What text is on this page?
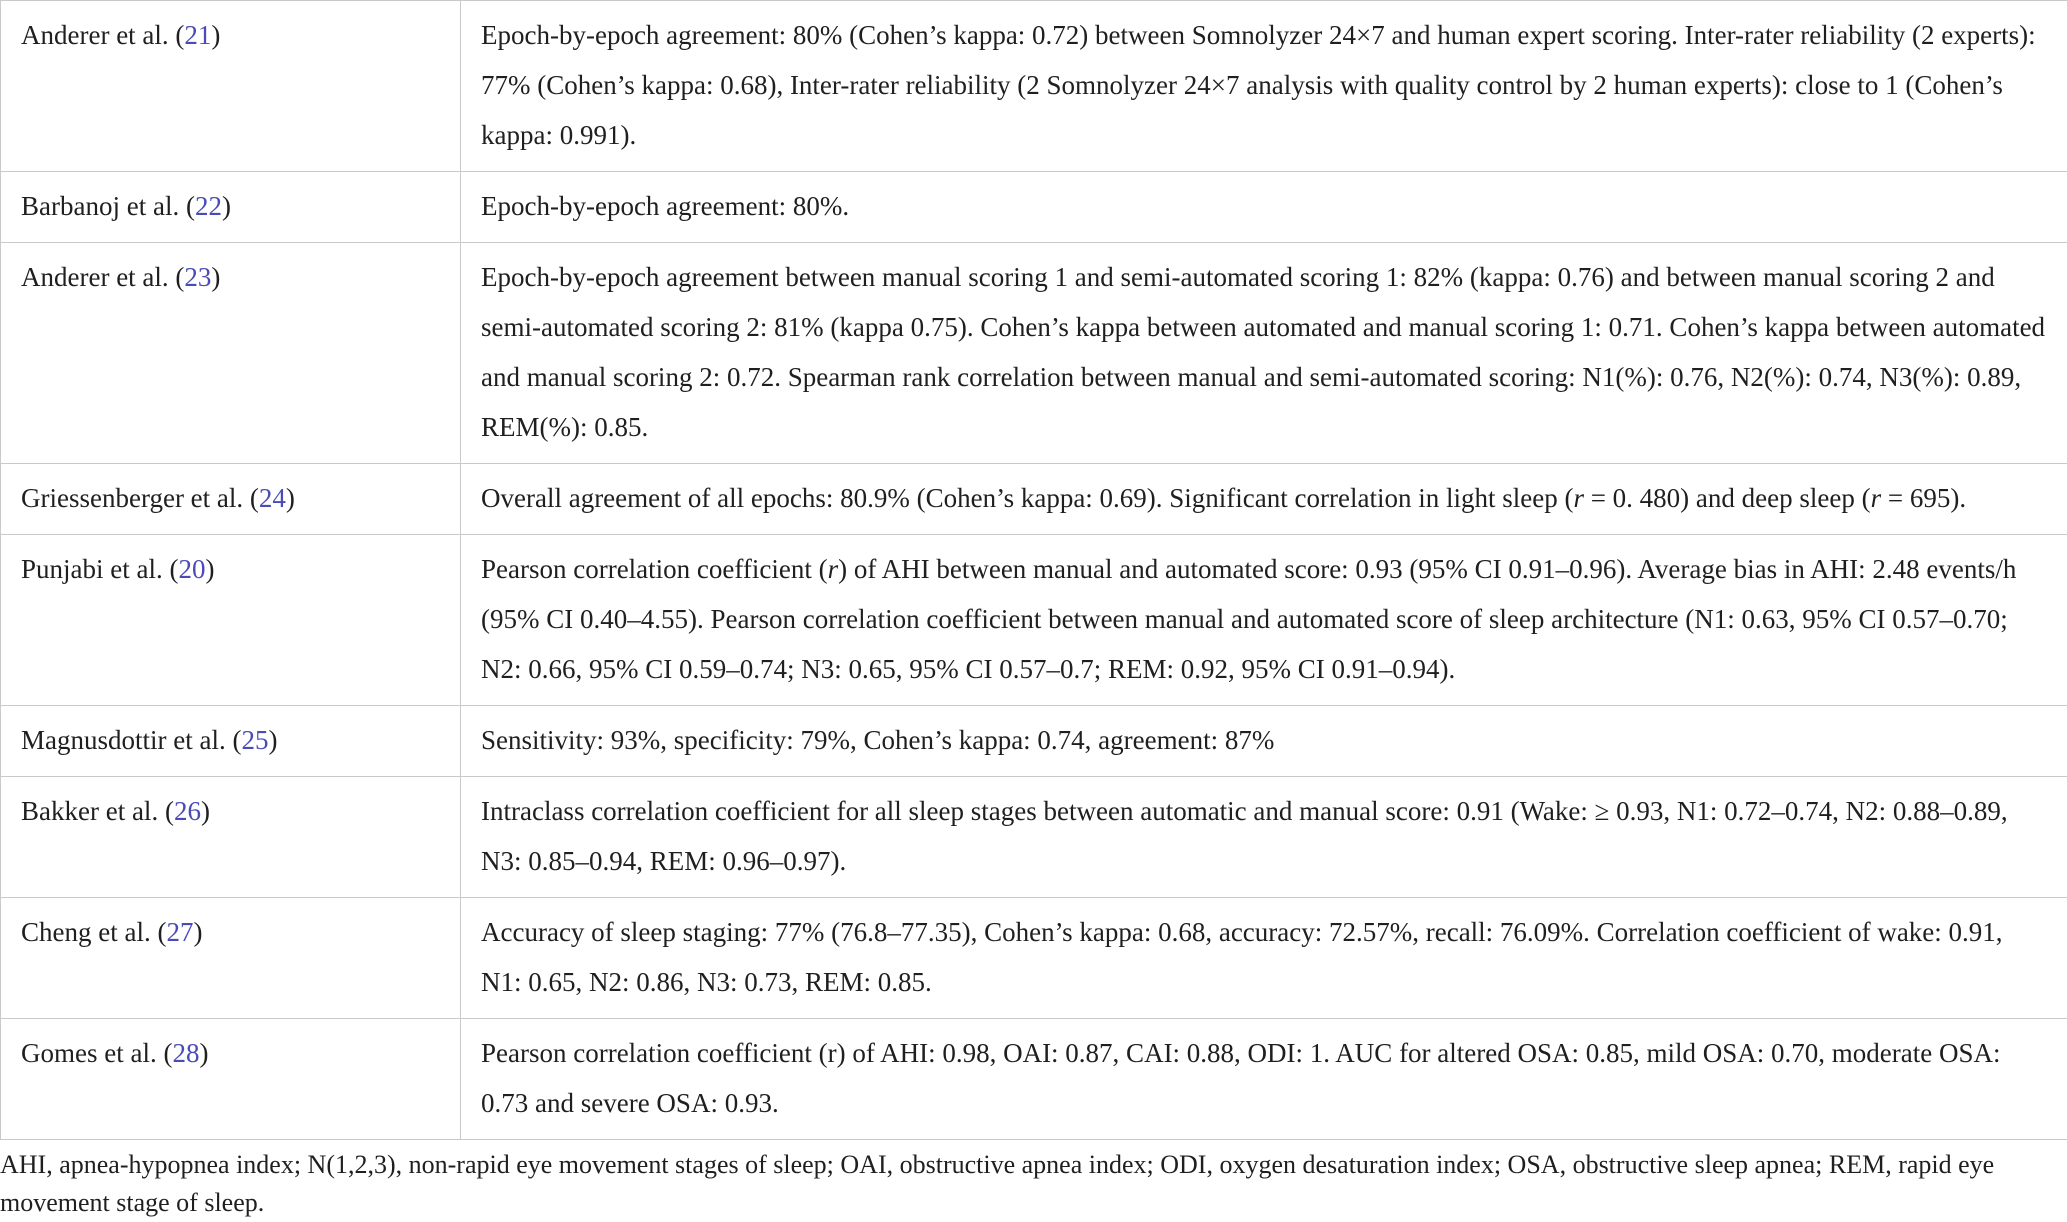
Anderer et al. (21)	Epoch-by-epoch agreement: 80% (Cohen’s kappa: 0.72) between Somnolyzer 24×7 and human expert scoring. Inter-rater reliability (2 experts): 77% (Cohen’s kappa: 0.68), Inter-rater reliability (2 Somnolyzer 24×7 analysis with quality control by 2 human experts): close to 1 (Cohen’s kappa: 0.991).
Barbanoj et al. (22)	Epoch-by-epoch agreement: 80%.
Anderer et al. (23)	Epoch-by-epoch agreement between manual scoring 1 and semi-automated scoring 1: 82% (kappa: 0.76) and between manual scoring 2 and semi-automated scoring 2: 81% (kappa 0.75). Cohen’s kappa between automated and manual scoring 1: 0.71. Cohen’s kappa between automated and manual scoring 2: 0.72. Spearman rank correlation between manual and semi-automated scoring: N1(%): 0.76, N2(%): 0.74, N3(%): 0.89, REM(%): 0.85.
Griessenberger et al. (24)	Overall agreement of all epochs: 80.9% (Cohen’s kappa: 0.69). Significant correlation in light sleep (r = 0. 480) and deep sleep (r = 695).
Punjabi et al. (20)	Pearson correlation coefficient (r) of AHI between manual and automated score: 0.93 (95% CI 0.91–0.96). Average bias in AHI: 2.48 events/h (95% CI 0.40–4.55). Pearson correlation coefficient between manual and automated score of sleep architecture (N1: 0.63, 95% CI 0.57–0.70; N2: 0.66, 95% CI 0.59–0.74; N3: 0.65, 95% CI 0.57–0.7; REM: 0.92, 95% CI 0.91–0.94).
Magnusdottir et al. (25)	Sensitivity: 93%, specificity: 79%, Cohen’s kappa: 0.74, agreement: 87%
Bakker et al. (26)	Intraclass correlation coefficient for all sleep stages between automatic and manual score: 0.91 (Wake: ≥ 0.93, N1: 0.72–0.74, N2: 0.88–0.89, N3: 0.85–0.94, REM: 0.96–0.97).
Cheng et al. (27)	Accuracy of sleep staging: 77% (76.8–77.35), Cohen’s kappa: 0.68, accuracy: 72.57%, recall: 76.09%. Correlation coefficient of wake: 0.91, N1: 0.65, N2: 0.86, N3: 0.73, REM: 0.85.
Gomes et al. (28)	Pearson correlation coefficient (r) of AHI: 0.98, OAI: 0.87, CAI: 0.88, ODI: 1. AUC for altered OSA: 0.85, mild OSA: 0.70, moderate OSA: 0.73 and severe OSA: 0.93.
AHI, apnea-hypopnea index; N(1,2,3), non-rapid eye movement stages of sleep; OAI, obstructive apnea index; ODI, oxygen desaturation index; OSA, obstructive sleep apnea; REM, rapid eye movement stage of sleep.
